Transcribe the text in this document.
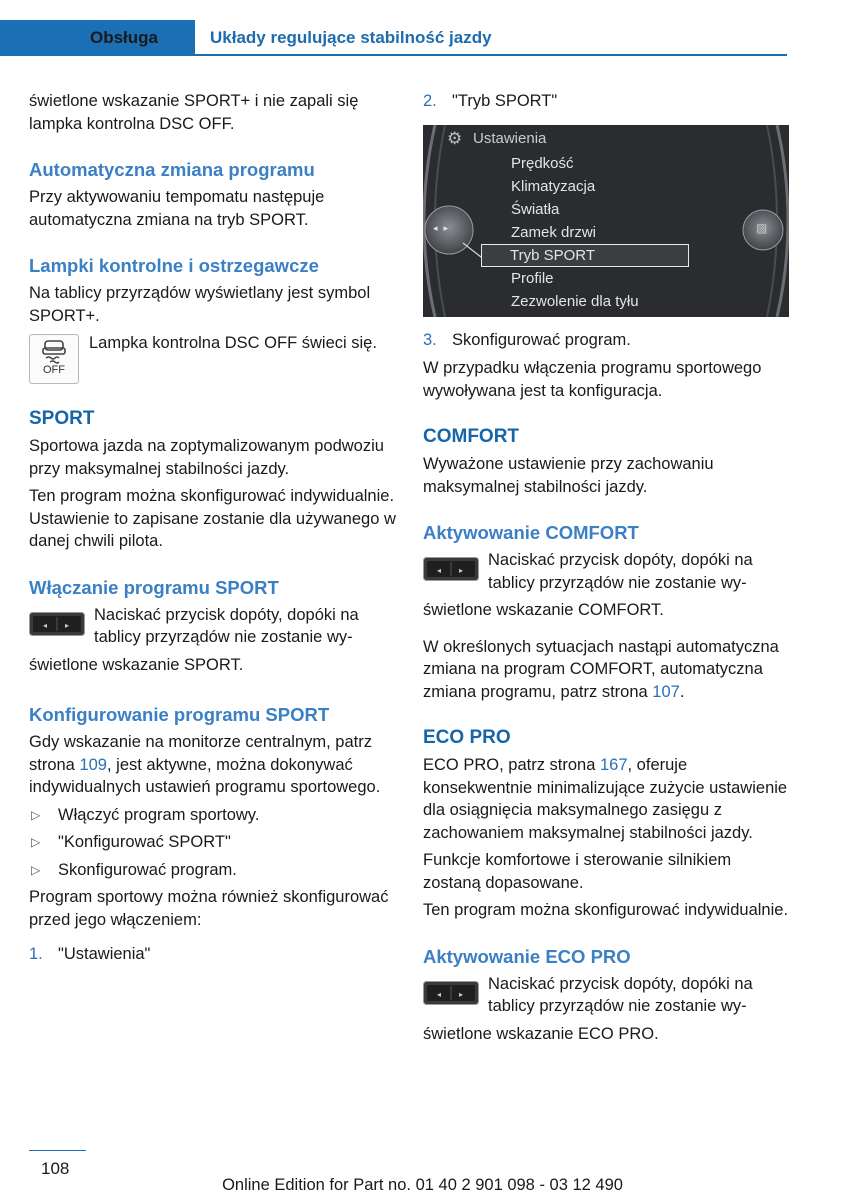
Obsługa	Układy regulujące stabilność jazdy

świetlone wskazanie SPORT+ i nie zapali się lampka kontrolna DSC OFF.

Automatyczna zmiana programu

Przy aktywowaniu tempomatu następuje automatyczna zmiana na tryb SPORT.

Lampki kontrolne i ostrzegawcze

Na tablicy przyrządów wyświetlany jest symbol SPORT+.

OFF
Lampka kontrolna DSC OFF świeci się.
SPORT

Sportowa jazda na zoptymalizowanym podwoziu przy maksymalnej stabilności jazdy.

Ten program można skonfigurować indywidualnie. Ustawienie to zapisane zostanie dla używanego w danej chwili pilota.

Włączanie programu SPORT
◂ ▸
Naciskać przycisk dopóty, dopóki na tablicy przyrządów nie zostanie wy-

świetlone wskazanie SPORT.

Konfigurowanie programu SPORT

Gdy wskazanie na monitorze centralnym, patrz strona 109, jest aktywne, można dokonywać indywidualnych ustawień programu sportowego.

▷ Włączyć program sportowy.
▷ "Konfigurować SPORT"
▷ Skonfigurować program.

Program sportowy można również skonfigurować przed jego włączeniem:

1. "Ustawienia"
2. "Tryb SPORT"
⚙ Ustawienia
◂▸	▨
Prędkość
Klimatyzacja
Światła
Zamek drzwi
Tryb SPORT
Profile
Zezwolenie dla tyłu
3. Skonfigurować program.

W przypadku włączenia programu sportowego wywoływana jest ta konfiguracja.

COMFORT

Wyważone ustawienie przy zachowaniu maksymalnej stabilności jazdy.

Aktywowanie COMFORT
◂ ▸
Naciskać przycisk dopóty, dopóki na tablicy przyrządów nie zostanie wy-

świetlone wskazanie COMFORT.

W określonych sytuacjach nastąpi automatyczna zmiana na program COMFORT, automatyczna zmiana programu, patrz strona 107.

ECO PRO

ECO PRO, patrz strona 167, oferuje konsekwentnie minimalizujące zużycie ustawienie dla osiągnięcia maksymalnego zasięgu z zachowaniem maksymalnej stabilności jazdy.

Funkcje komfortowe i sterowanie silnikiem zostaną dopasowane.

Ten program można skonfigurować indywidualnie.

Aktywowanie ECO PRO
◂ ▸
Naciskać przycisk dopóty, dopóki na tablicy przyrządów nie zostanie wy-

świetlone wskazanie ECO PRO.

108
Online Edition for Part no. 01 40 2 901 098 - 03 12 490
